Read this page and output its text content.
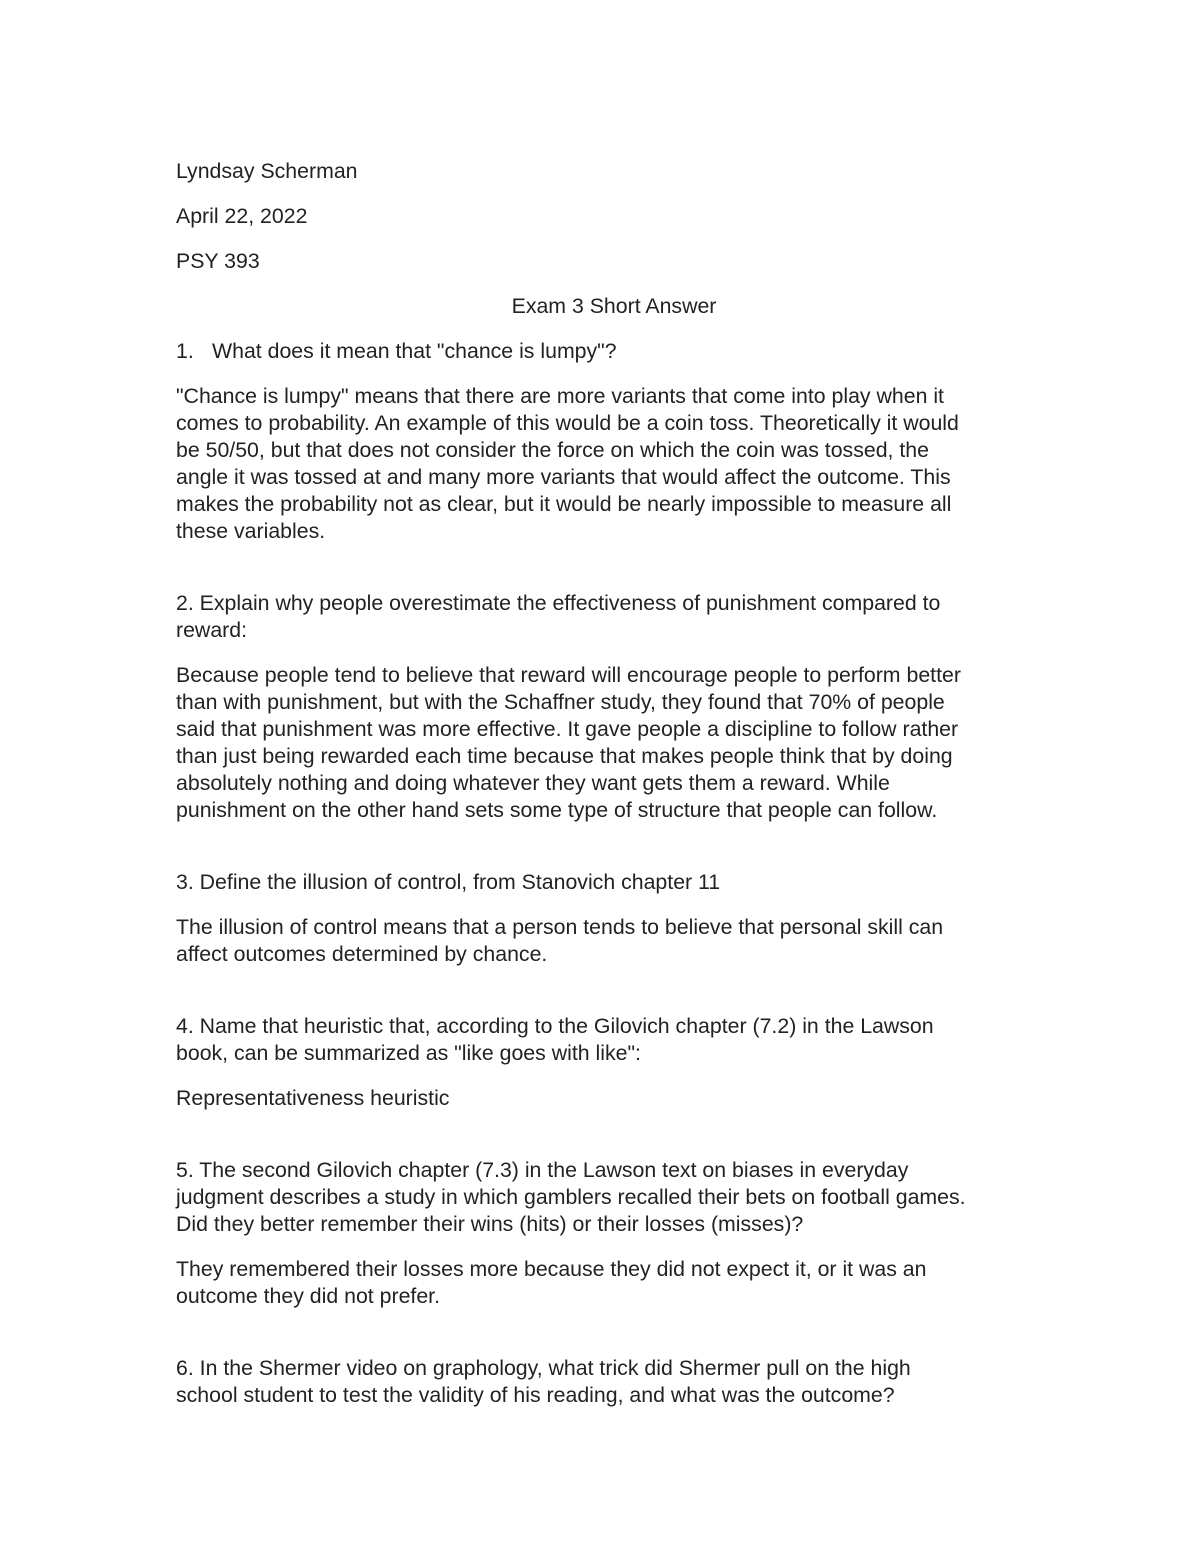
Lyndsay Scherman

April 22, 2022

PSY 393

Exam 3 Short Answer

1. What does it mean that "chance is lumpy"?

"Chance is lumpy" means that there are more variants that come into play when it

comes to probability. An example of this would be a coin toss. Theoretically it would

be 50/50, but that does not consider the force on which the coin was tossed, the

angle it was tossed at and many more variants that would affect the outcome. This

makes the probability not as clear, but it would be nearly impossible to measure all

these variables.

2. Explain why people overestimate the effectiveness of punishment compared to

reward:

Because people tend to believe that reward will encourage people to perform better

than with punishment, but with the Schaffner study, they found that 70% of people

said that punishment was more effective. It gave people a discipline to follow rather

than just being rewarded each time because that makes people think that by doing

absolutely nothing and doing whatever they want gets them a reward. While

punishment on the other hand sets some type of structure that people can follow.

3. Define the illusion of control, from Stanovich chapter 11

The illusion of control means that a person tends to believe that personal skill can

affect outcomes determined by chance.

4. Name that heuristic that, according to the Gilovich chapter (7.2) in the Lawson

book, can be summarized as "like goes with like":

Representativeness heuristic

5. The second Gilovich chapter (7.3) in the Lawson text on biases in everyday

judgment describes a study in which gamblers recalled their bets on football games.

Did they better remember their wins (hits) or their losses (misses)?

They remembered their losses more because they did not expect it, or it was an

outcome they did not prefer.

6. In the Shermer video on graphology, what trick did Shermer pull on the high

school student to test the validity of his reading, and what was the outcome?
